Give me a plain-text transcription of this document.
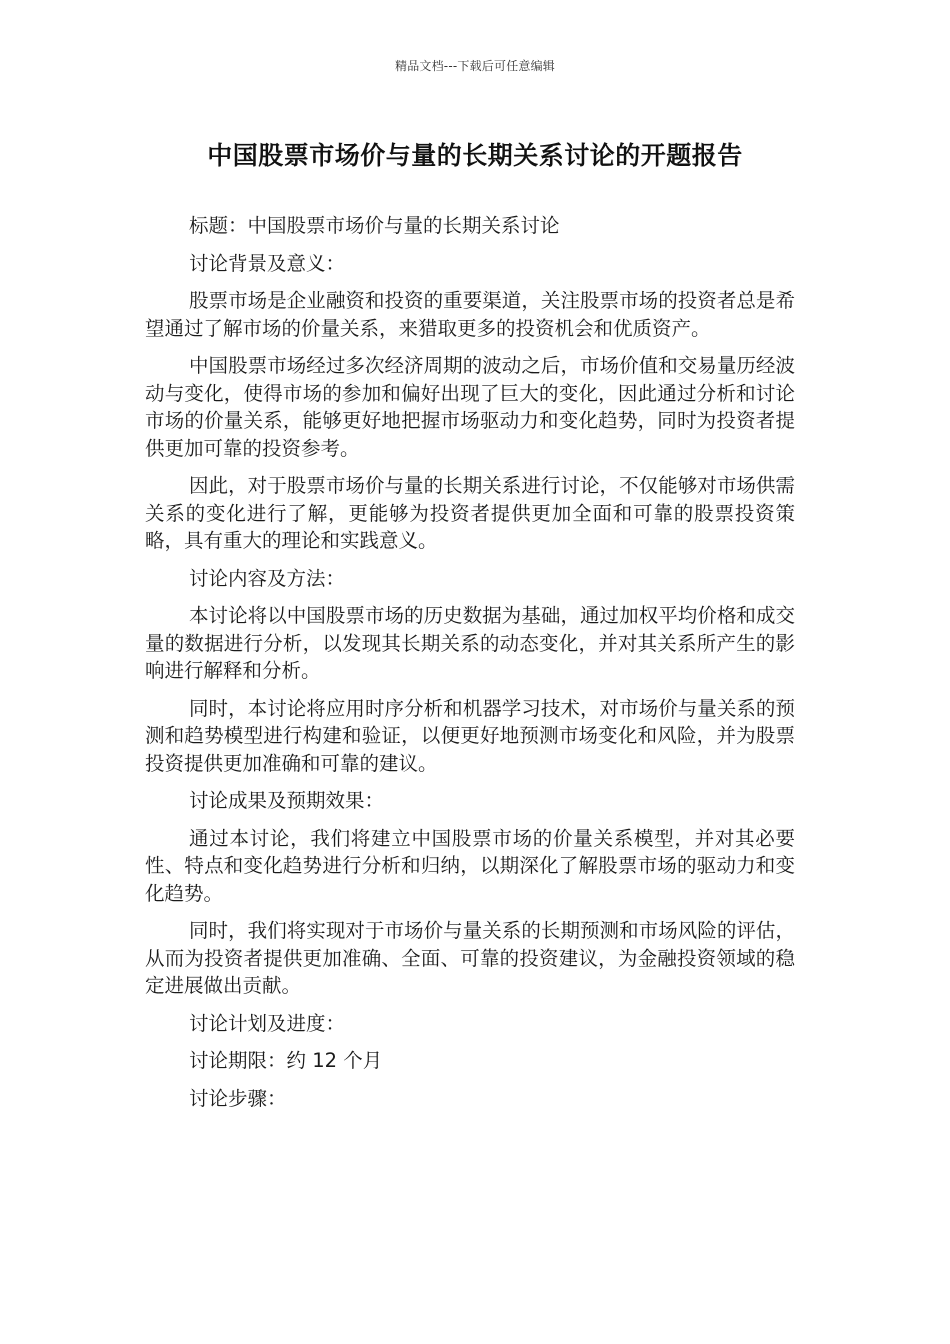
精品文档---下载后可任意编辑
中国股票市场价与量的长期关系讨论的开题报告

标题：中国股票市场价与量的长期关系讨论

讨论背景及意义：

股票市场是企业融资和投资的重要渠道，关注股票市场的投资者总是希望通过了解市场的价量关系，来猎取更多的投资机会和优质资产。

中国股票市场经过多次经济周期的波动之后，市场价值和交易量历经波动与变化，使得市场的参加和偏好出现了巨大的变化，因此通过分析和讨论市场的价量关系，能够更好地把握市场驱动力和变化趋势，同时为投资者提供更加可靠的投资参考。

因此，对于股票市场价与量的长期关系进行讨论，不仅能够对市场供需关系的变化进行了解，更能够为投资者提供更加全面和可靠的股票投资策略，具有重大的理论和实践意义。

讨论内容及方法：

本讨论将以中国股票市场的历史数据为基础，通过加权平均价格和成交量的数据进行分析，以发现其长期关系的动态变化，并对其关系所产生的影响进行解释和分析。

同时，本讨论将应用时序分析和机器学习技术，对市场价与量关系的预测和趋势模型进行构建和验证，以便更好地预测市场变化和风险，并为股票投资提供更加准确和可靠的建议。

讨论成果及预期效果：

通过本讨论，我们将建立中国股票市场的价量关系模型，并对其必要性、特点和变化趋势进行分析和归纳，以期深化了解股票市场的驱动力和变化趋势。

同时，我们将实现对于市场价与量关系的长期预测和市场风险的评估，从而为投资者提供更加准确、全面、可靠的投资建议，为金融投资领域的稳定进展做出贡献。

讨论计划及进度：

讨论期限：约 12 个月

讨论步骤：
